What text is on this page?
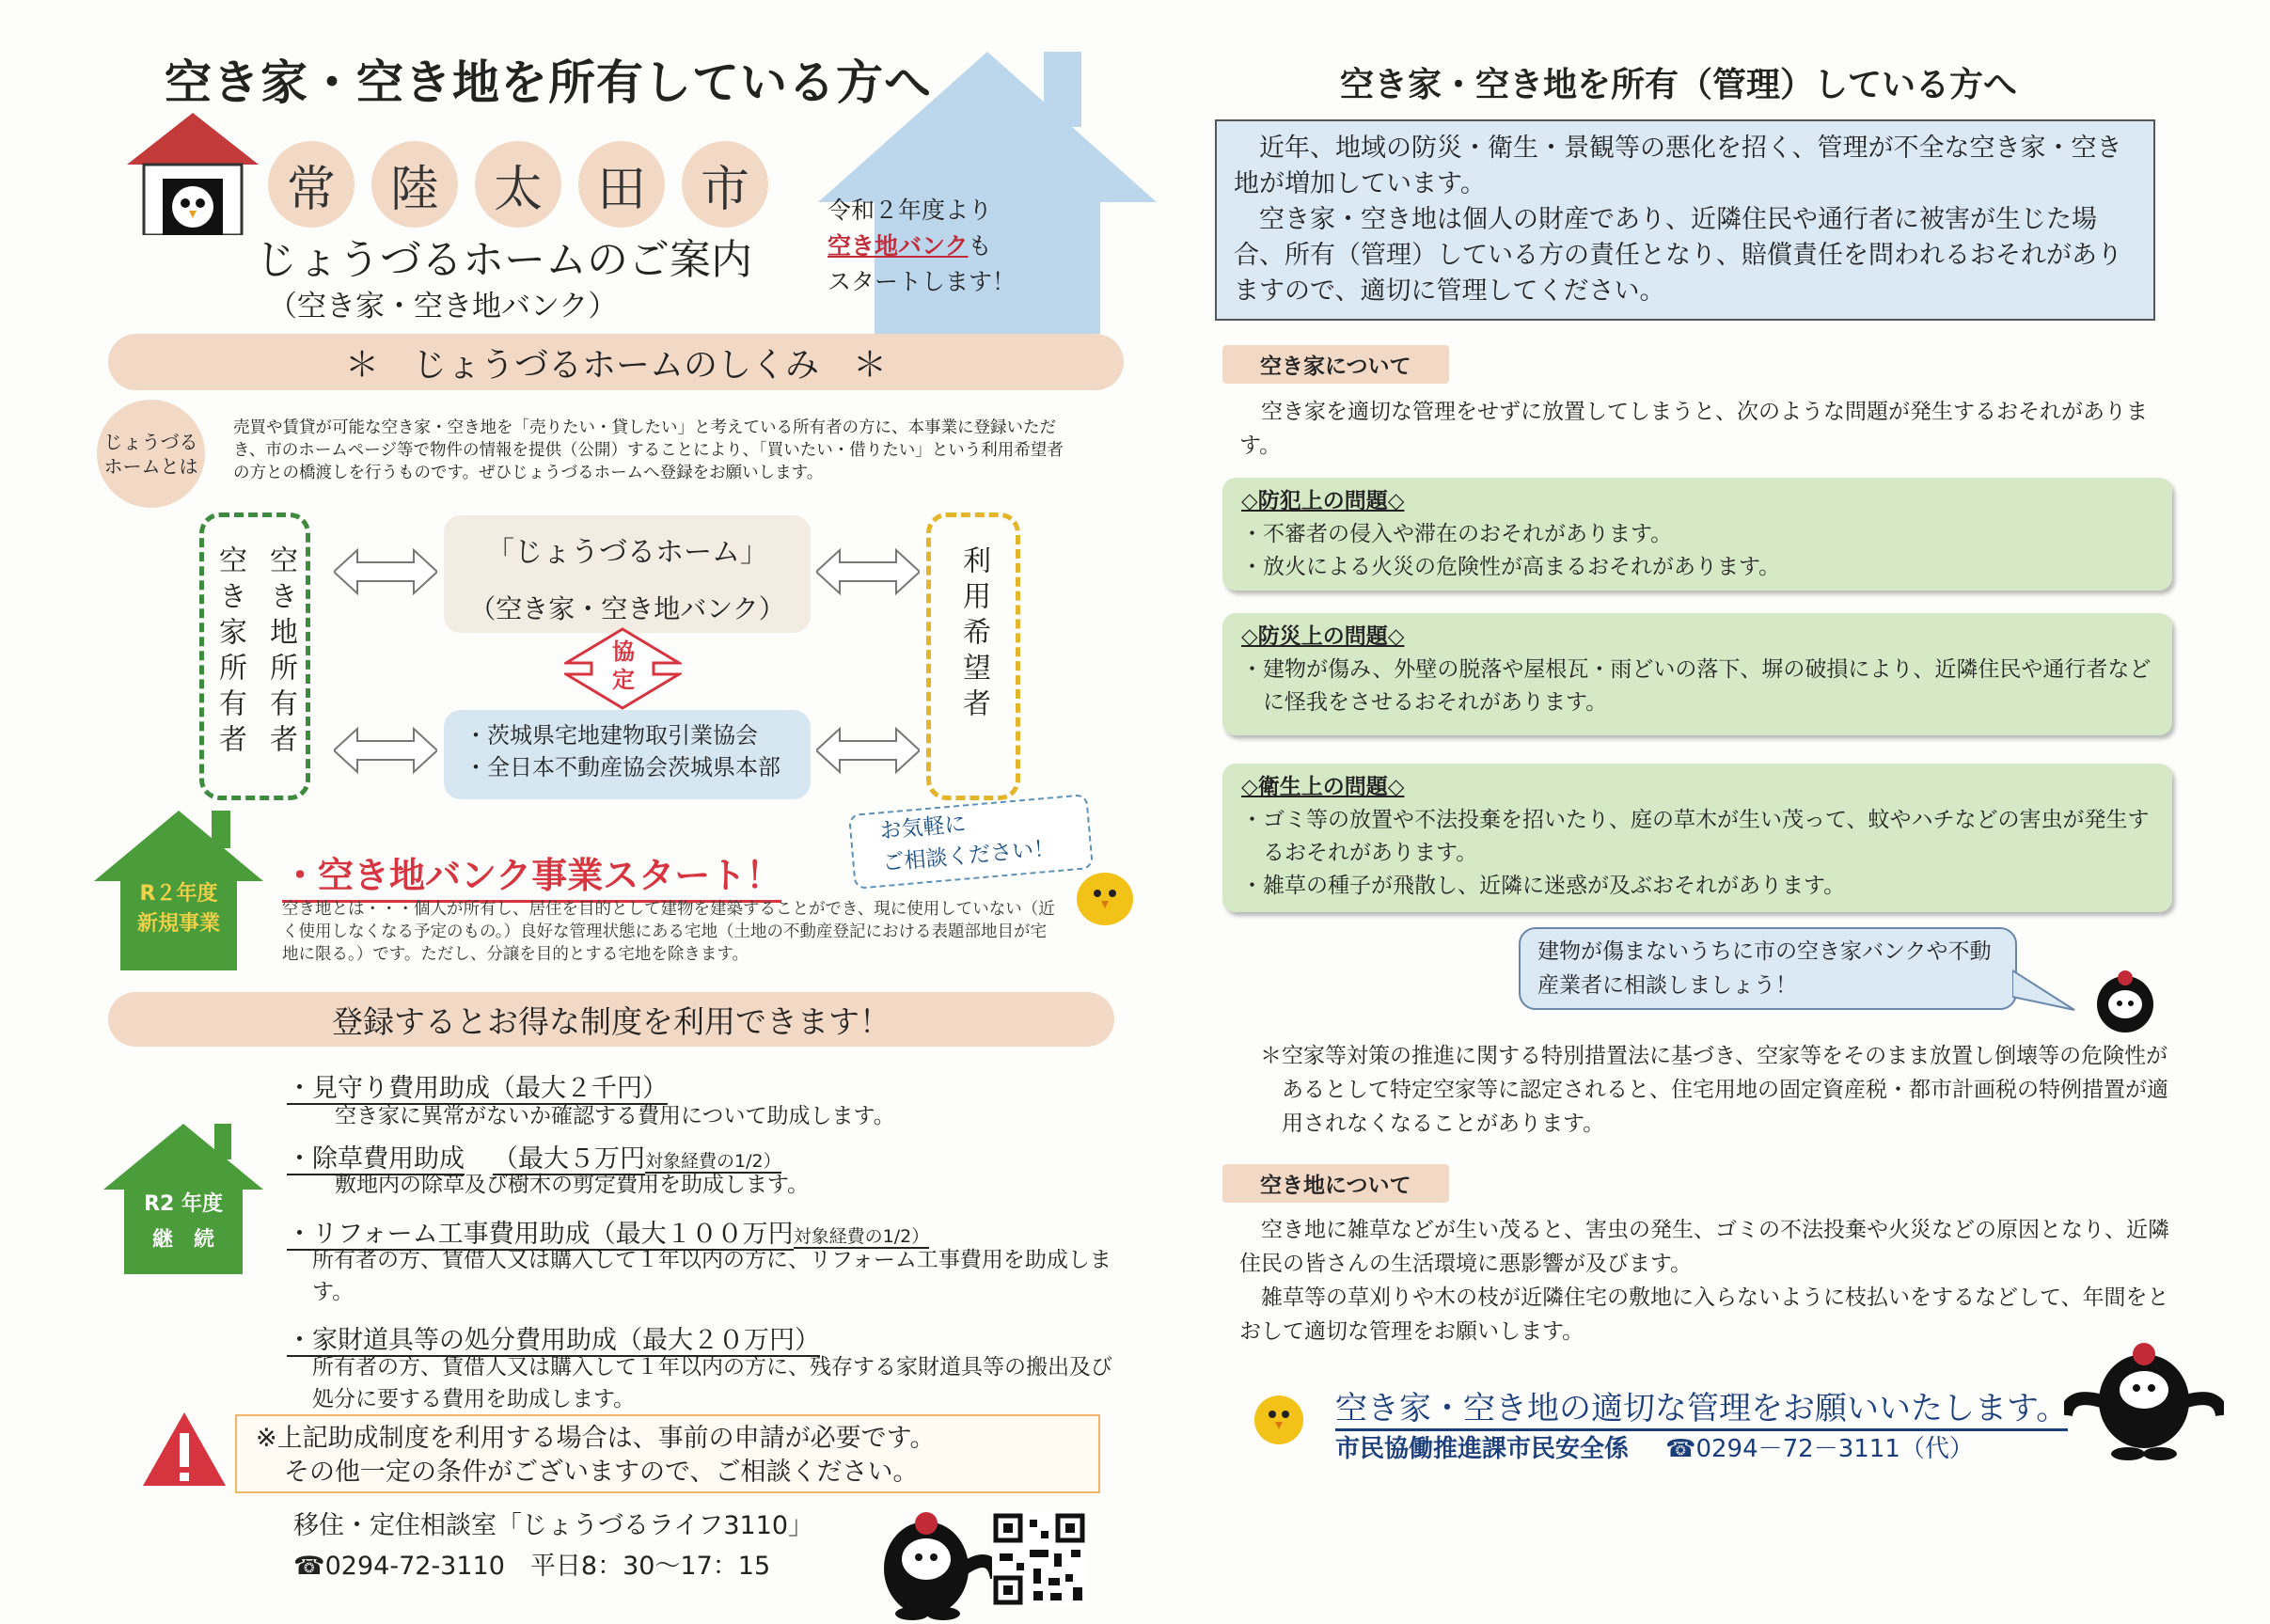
空き家・空き地を所有している方へ
常	陸	太	田	市
じょうづるホームのご案内
（空き家・空き地バンク）
令和２年度より
空き地バンクも
スタートします！
＊　じょうづるホームのしくみ　＊
じょうづる
ホームとは
売買や賃貸が可能な空き家・空き地を「売りたい・貸したい」と考えている所有者の方に、本事業に登録いただき、市のホームページ等で物件の情報を提供（公開）することにより、「買いたい・借りたい」という利用希望者の方との橋渡しを行うものです。ぜひじょうづるホームへ登録をお願いします。
空き家所有者 空き地所有者	利用希望者
「じょうづるホーム」
（空き家・空き地バンク）
協定
・茨城県宅地建物取引業協会
・全日本不動産協会茨城県本部
お気軽に
ご相談ください！
R２年度
新規事業
・空き地バンク事業スタート！
空き地とは・・・個人が所有し、居住を目的として建物を建築することができ、現に使用していない（近く使用しなくなる予定のもの。）良好な管理状態にある宅地（土地の不動産登記における表題部地目が宅地に限る。）です。ただし、分譲を目的とする宅地を除きます。
登録するとお得な制度を利用できます！
R2 年度
継　続
・見守り費用助成（最大２千円）
空き家に異常がないか確認する費用について助成します。
・除草費用助成 （最大５万円対象経費の1/2）
敷地内の除草及び樹木の剪定費用を助成します。
・リフォーム工事費用助成（最大１００万円対象経費の1/2）
所有者の方、賃借人又は購入して１年以内の方に、リフォーム工事費用を助成します。
・家財道具等の処分費用助成（最大２０万円）
所有者の方、賃借人又は購入して１年以内の方に、残存する家財道具等の搬出及び処分に要する費用を助成します。
※上記助成制度を利用する場合は、事前の申請が必要です。
その他一定の条件がございますので、ご相談ください。
移住・定住相談室「じょうづるライフ3110」
☎0294-72-3110　平日8：30～17：15
空き家・空き地を所有（管理）している方へ
近年、地域の防災・衛生・景観等の悪化を招く、管理が不全な空き家・空き地が増加しています。
空き家・空き地は個人の財産であり、近隣住民や通行者に被害が生じた場合、所有（管理）している方の責任となり、賠償責任を問われるおそれがありますので、適切に管理してください。
空き家について
空き家を適切な管理をせずに放置してしまうと、次のような問題が発生するおそれがあります。
◇防犯上の問題◇
・不審者の侵入や滞在のおそれがあります。
・放火による火災の危険性が高まるおそれがあります。
◇防災上の問題◇
・建物が傷み、外壁の脱落や屋根瓦・雨どいの落下、塀の破損により、近隣住民や通行者などに怪我をさせるおそれがあります。
◇衛生上の問題◇
・ゴミ等の放置や不法投棄を招いたり、庭の草木が生い茂って、蚊やハチなどの害虫が発生するおそれがあります。
・雑草の種子が飛散し、近隣に迷惑が及ぶおそれがあります。
建物が傷まないうちに市の空き家バンクや不動産業者に相談しましょう！
＊空家等対策の推進に関する特別措置法に基づき、空家等をそのまま放置し倒壊等の危険性があるとして特定空家等に認定されると、住宅用地の固定資産税・都市計画税の特例措置が適用されなくなることがあります。
空き地について
空き地に雑草などが生い茂ると、害虫の発生、ゴミの不法投棄や火災などの原因となり、近隣住民の皆さんの生活環境に悪影響が及びます。
雑草等の草刈りや木の枝が近隣住宅の敷地に入らないように枝払いをするなどして、年間をとおして適切な管理をお願いします。
空き家・空き地の適切な管理をお願いいたします。
市民協働推進課市民安全係 ☎0294－72－3111（代）
